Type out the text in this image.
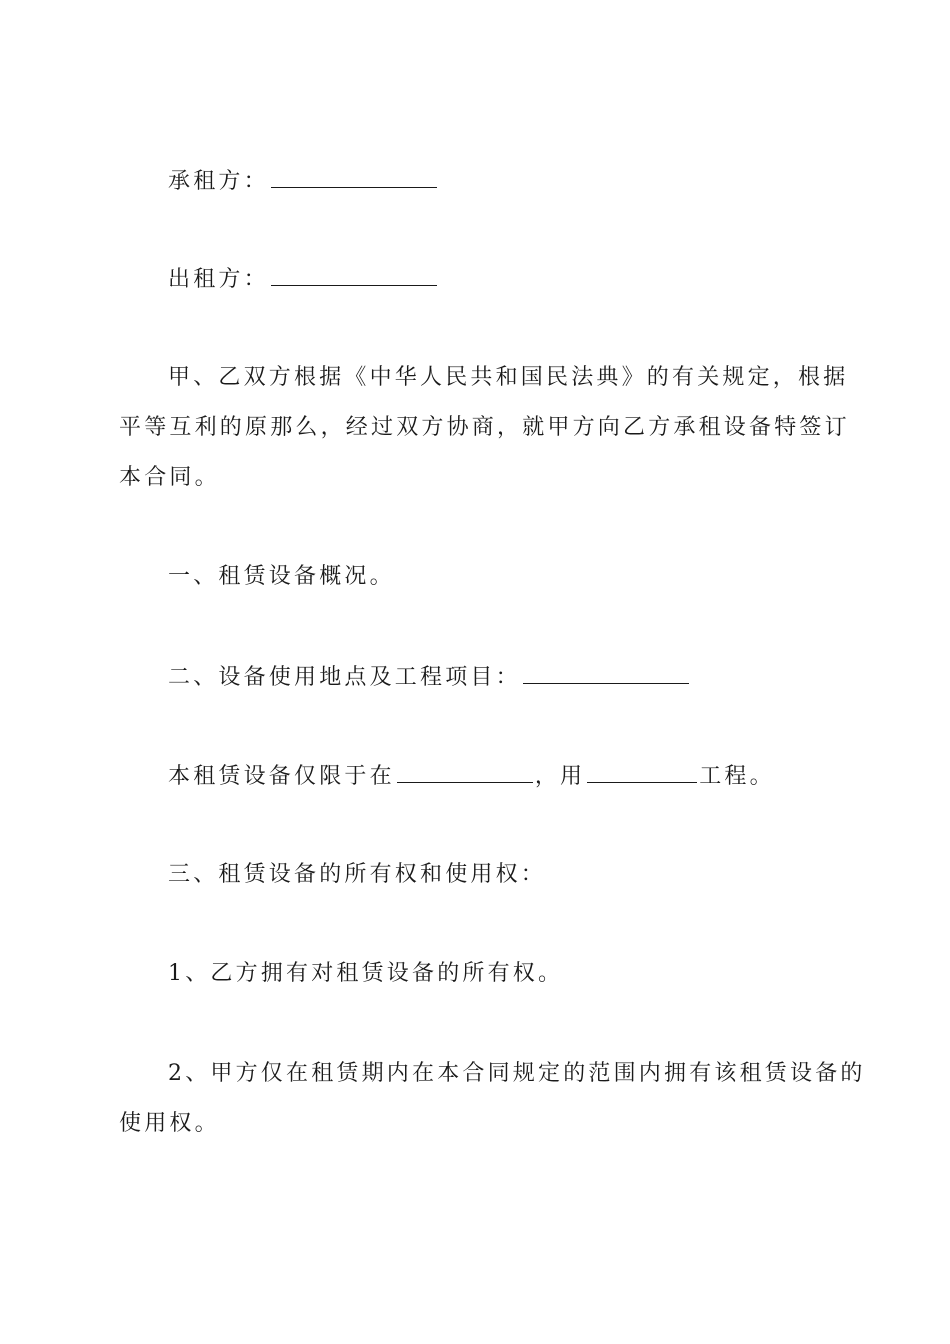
承租方：
出租方：
甲、乙双方根据《中华人民共和国民法典》的有关规定，根据
平等互利的原那么，经过双方协商，就甲方向乙方承租设备特签订
本合同。
一、租赁设备概况。
二、设备使用地点及工程项目：
本租赁设备仅限于在	，用	工程。
三、租赁设备的所有权和使用权：
1、乙方拥有对租赁设备的所有权。
2、甲方仅在租赁期内在本合同规定的范围内拥有该租赁设备的
使用权。
